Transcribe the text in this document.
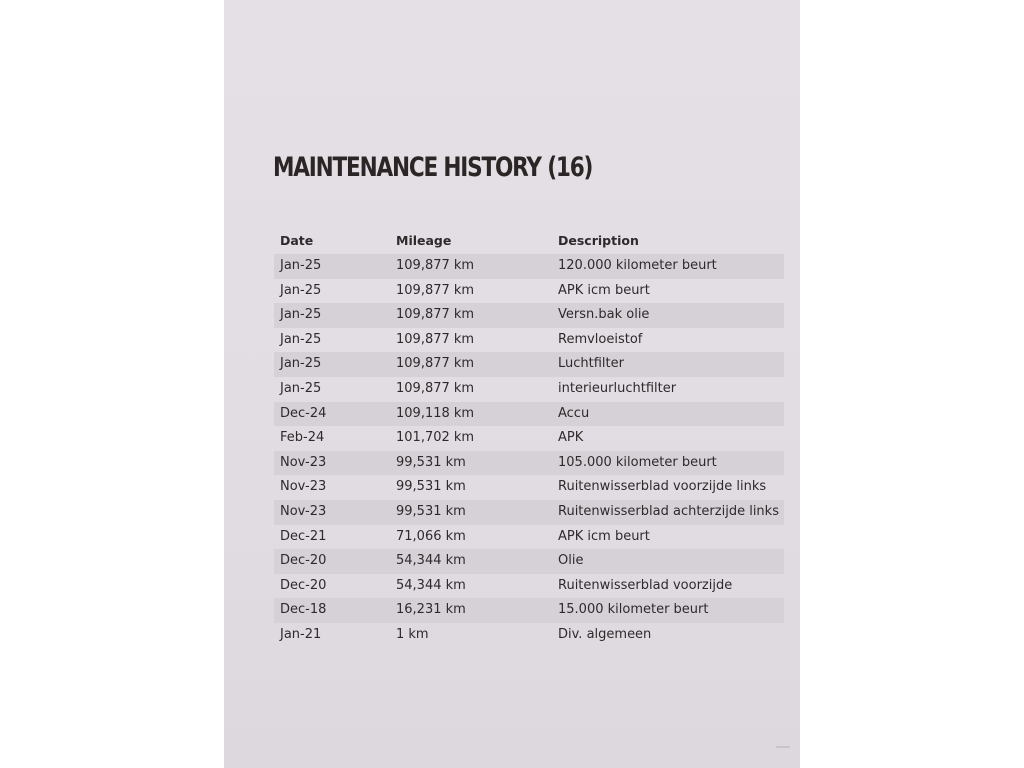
MAINTENANCE HISTORY (16)
Date	Mileage	Description
Jan-25	109,877 km	120.000 kilometer beurt
Jan-25	109,877 km	APK icm beurt
Jan-25	109,877 km	Versn.bak olie
Jan-25	109,877 km	Remvloeistof
Jan-25	109,877 km	Luchtfilter
Jan-25	109,877 km	interieurluchtfilter
Dec-24	109,118 km	Accu
Feb-24	101,702 km	APK
Nov-23	99,531 km	105.000 kilometer beurt
Nov-23	99,531 km	Ruitenwisserblad voorzijde links
Nov-23	99,531 km	Ruitenwisserblad achterzijde links
Dec-21	71,066 km	APK icm beurt
Dec-20	54,344 km	Olie
Dec-20	54,344 km	Ruitenwisserblad voorzijde
Dec-18	16,231 km	15.000 kilometer beurt
Jan-21	1 km	Div. algemeen
